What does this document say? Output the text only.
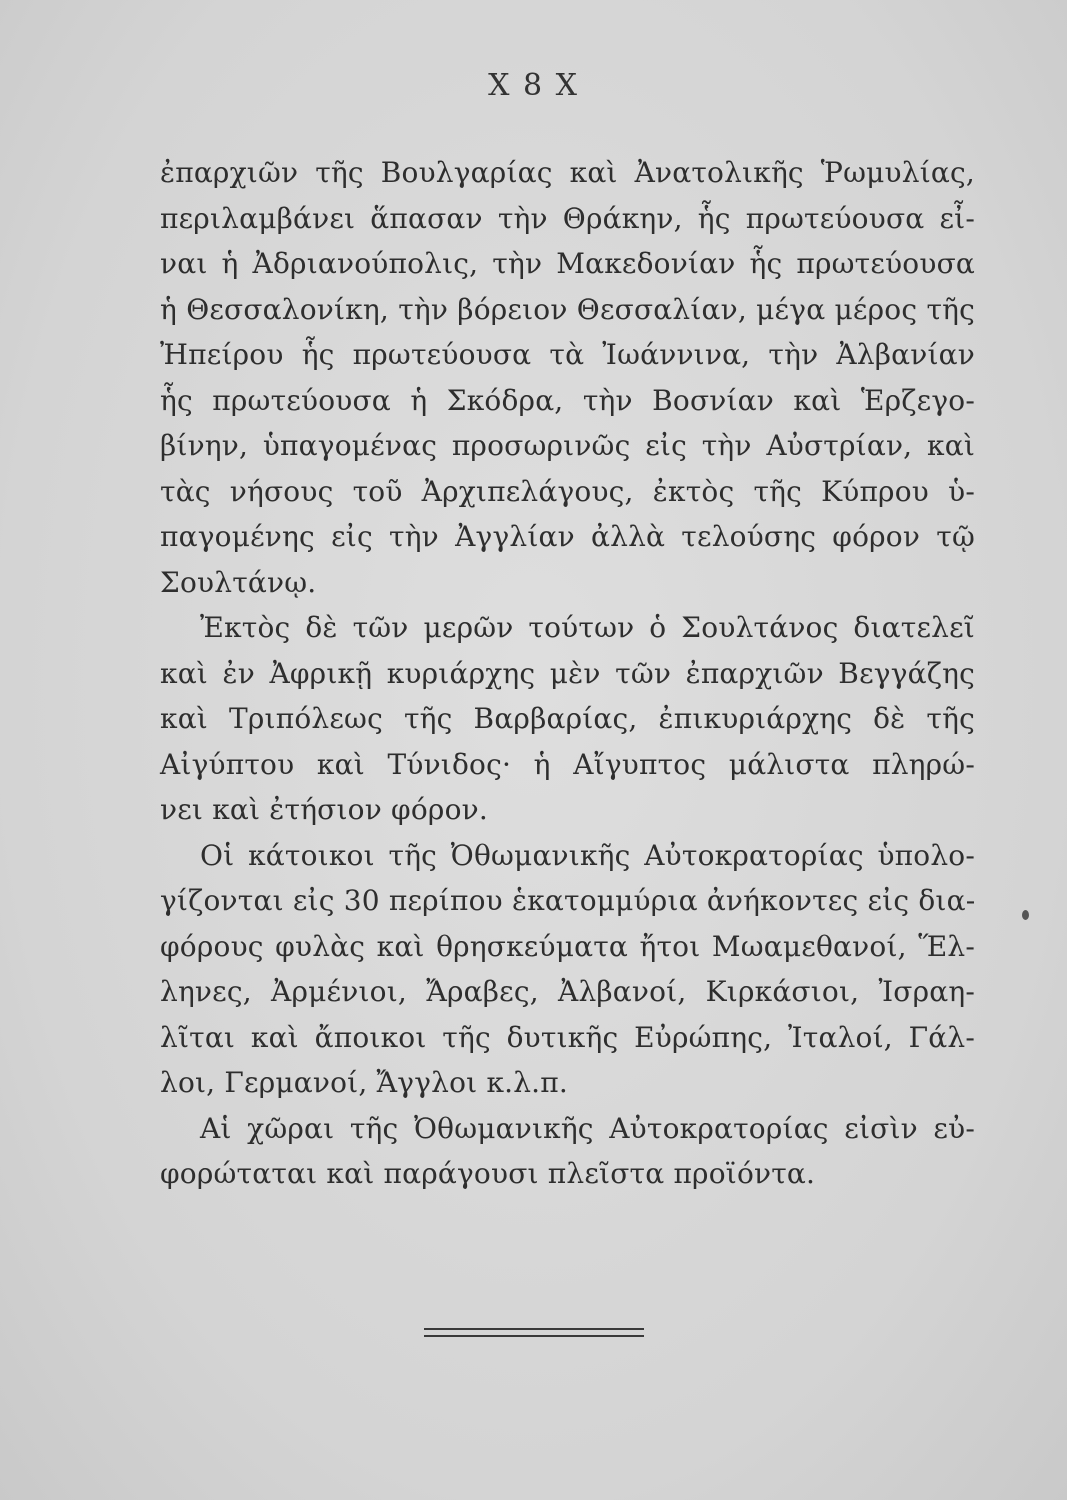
Χ 8 Χ
ἐπαρχιῶν τῆς Βουλγαρίας καὶ Ἀνατολικῆς Ῥωμυλίας,
περιλαμβάνει ἅπασαν τὴν Θράκην, ἧς πρωτεύουσα εἶ-
ναι ἡ Ἀδριανούπολις, τὴν Μακεδονίαν ἧς πρωτεύουσα
ἡ Θεσσαλονίκη, τὴν βόρειον Θεσσαλίαν, μέγα μέρος τῆς
Ἠπείρου ἧς πρωτεύουσα τὰ Ἰωάννινα, τὴν Ἀλβανίαν
ἧς πρωτεύουσα ἡ Σκόδρα, τὴν Βοσνίαν καὶ Ἑρζεγο-
βίνην, ὑπαγομένας προσωρινῶς εἰς τὴν Αὐστρίαν, καὶ
τὰς νήσους τοῦ Ἀρχιπελάγους, ἐκτὸς τῆς Κύπρου ὑ-
παγομένης εἰς τὴν Ἀγγλίαν ἀλλὰ τελούσης φόρον τῷ
Σουλτάνῳ.
Ἐκτὸς δὲ τῶν μερῶν τούτων ὁ Σουλτάνος διατελεῖ
καὶ ἐν Ἀφρικῇ κυριάρχης μὲν τῶν ἐπαρχιῶν Βεγγάζης
καὶ Τριπόλεως τῆς Βαρβαρίας, ἐπικυριάρχης δὲ τῆς
Αἰγύπτου καὶ Τύνιδος· ἡ Αἴγυπτος μάλιστα πληρώ-
νει καὶ ἐτήσιον φόρον.
Οἱ κάτοικοι τῆς Ὀθωμανικῆς Αὐτοκρατορίας ὑπολο-
γίζονται εἰς 30 περίπου ἑκατομμύρια ἀνήκοντες εἰς δια-
φόρους φυλὰς καὶ θρησκεύματα ἤτοι Μωαμεθανοί, Ἕλ-
ληνες, Ἀρμένιοι, Ἄραβες, Ἀλβανοί, Κιρκάσιοι, Ἰσραη-
λῖται καὶ ἄποικοι τῆς δυτικῆς Εὐρώπης, Ἰταλοί, Γάλ-
λοι, Γερμανοί, Ἄγγλοι κ.λ.π.
Αἱ χῶραι τῆς Ὀθωμανικῆς Αὐτοκρατορίας εἰσὶν εὐ-
φορώταται καὶ παράγουσι πλεῖστα προϊόντα.
